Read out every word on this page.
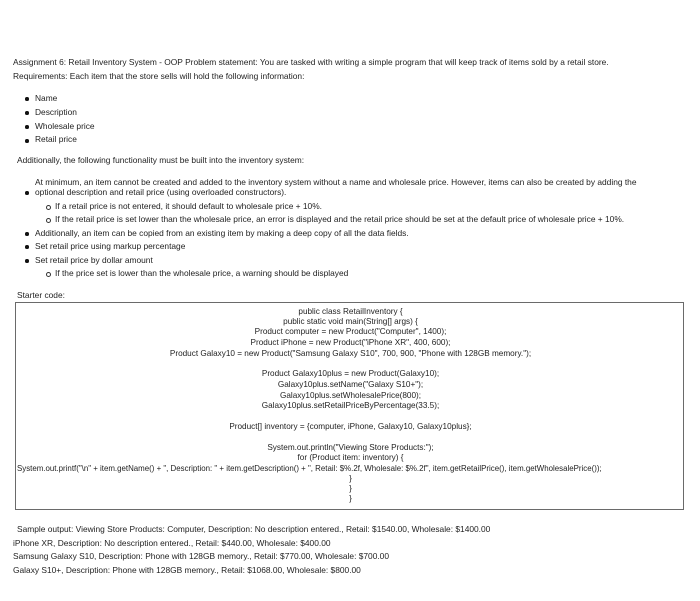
Assignment 6: Retail Inventory System - OOP Problem statement: You are tasked with writing a simple program that will keep track of items sold by a retail store.
Requirements: Each item that the store sells will hold the following information:
Name
Description
Wholesale price
Retail price
Additionally, the following functionality must be built into the inventory system:
At minimum, an item cannot be created and added to the inventory system without a name and wholesale price. However, items can also be created by adding the
optional description and retail price (using overloaded constructors).
If a retail price is not entered, it should default to wholesale price + 10%.
If the retail price is set lower than the wholesale price, an error is displayed and the retail price should be set at the default price of wholesale price + 10%.
Additionally, an item can be copied from an existing item by making a deep copy of all the data fields.
Set retail price using markup percentage
Set retail price by dollar amount
If the price set is lower than the wholesale price, a warning should be displayed
Starter code:
public class RetailInventory {
public static void main(String[] args) {
Product computer = new Product("Computer", 1400);
Product iPhone = new Product("iPhone XR", 400, 600);
Product Galaxy10 = new Product("Samsung Galaxy S10", 700, 900, "Phone with 128GB memory.");
Product Galaxy10plus = new Product(Galaxy10);
Galaxy10plus.setName("Galaxy S10+");
Galaxy10plus.setWholesalePrice(800);
Galaxy10plus.setRetailPriceByPercentage(33.5);
Product[] inventory = {computer, iPhone, Galaxy10, Galaxy10plus};
System.out.println("Viewing Store Products:");
for (Product item: inventory) {
System.out.printf("\n" + item.getName() + ", Description: " + item.getDescription() + ", Retail: $%.2f, Wholesale: $%.2f", item.getRetailPrice(), item.getWholesalePrice());
}
}
}
Sample output: Viewing Store Products: Computer, Description: No description entered., Retail: $1540.00, Wholesale: $1400.00
iPhone XR, Description: No description entered., Retail: $440.00, Wholesale: $400.00
Samsung Galaxy S10, Description: Phone with 128GB memory., Retail: $770.00, Wholesale: $700.00
Galaxy S10+, Description: Phone with 128GB memory., Retail: $1068.00, Wholesale: $800.00
